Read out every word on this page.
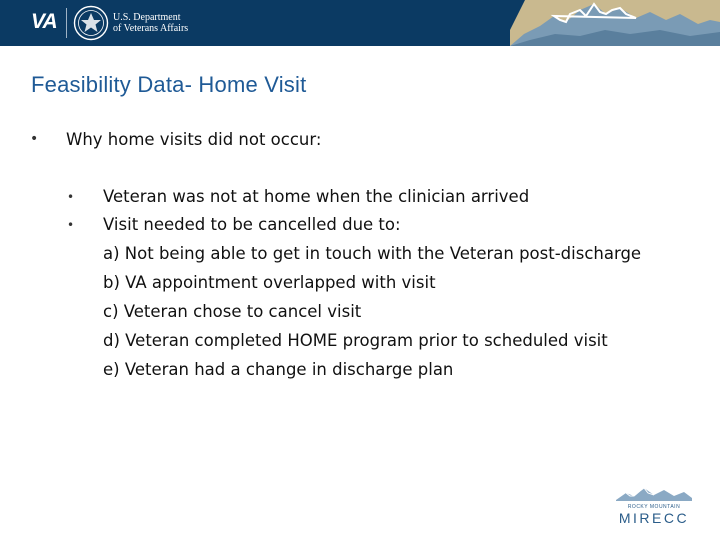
VA	U.S. Department
of Veterans Affairs
Feasibility Data- Home Visit
• Why home visits did not occur:
• Veteran was not at home when the clinician arrived
• Visit needed to be cancelled due to:
a) Not being able to get in touch with the Veteran post-discharge
b) VA appointment overlapped with visit
c) Veteran chose to cancel visit
d) Veteran completed HOME program prior to scheduled visit
e) Veteran had a change in discharge plan
ROCKY MOUNTAIN
MIRECC
